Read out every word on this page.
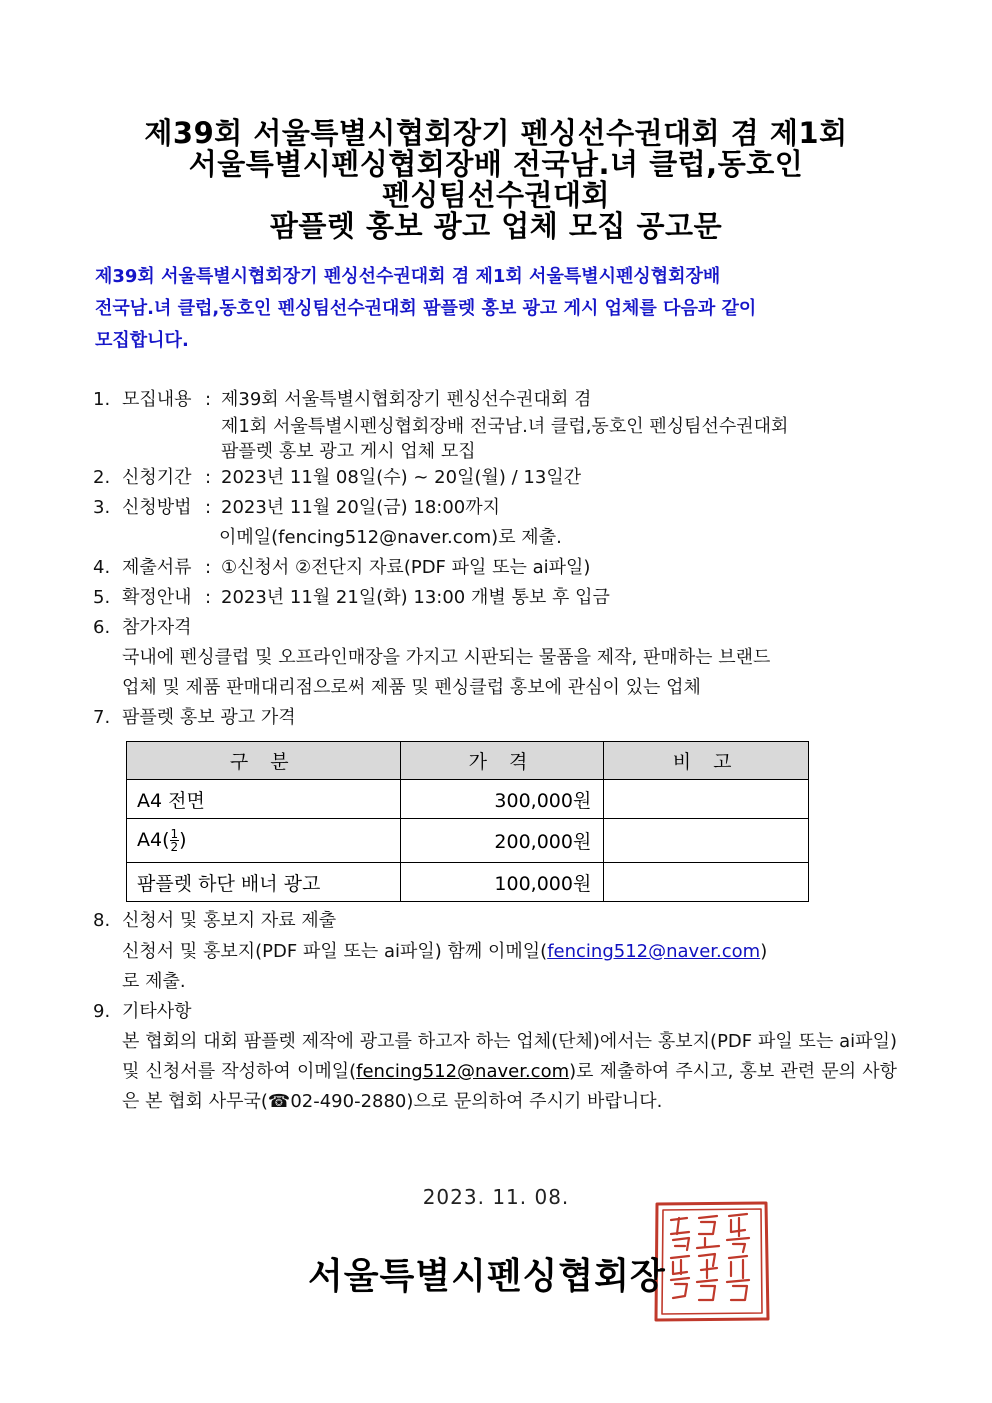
제39회 서울특별시협회장기 펜싱선수권대회 겸 제1회
서울특별시펜싱협회장배 전국남.녀 클럽,동호인
펜싱팀선수권대회
팜플렛 홍보 광고 업체 모집 공고문
제39회 서울특별시협회장기 펜싱선수권대회 겸 제1회 서울특별시펜싱협회장배
전국남.녀 클럽,동호인 펜싱팀선수권대회 팜플렛 홍보 광고 게시 업체를 다음과 같이
모집합니다.
1. 모집내용 : 제39회 서울특별시협회장기 펜싱선수권대회 겸
제1회 서울특별시펜싱협회장배 전국남.녀 클럽,동호인 펜싱팀선수권대회
팜플렛 홍보 광고 게시 업체 모집
2. 신청기간 : 2023년 11월 08일(수) ~ 20일(월) / 13일간
3. 신청방법 : 2023년 11월 20일(금) 18:00까지
이메일(fencing512@naver.com)로 제출.
4. 제출서류 : ①신청서 ②전단지 자료(PDF 파일 또는 ai파일)
5. 확정안내 : 2023년 11월 21일(화) 13:00 개별 통보 후 입금
6. 참가자격
국내에 펜싱클럽 및 오프라인매장을 가지고 시판되는 물품을 제작, 판매하는 브랜드
업체 및 제품 판매대리점으로써 제품 및 펜싱클럽 홍보에 관심이 있는 업체
7. 팜플렛 홍보 광고 가격
구 분	가 격	비 고
A4 전면	300,000원	
$A4( \frac{1}{2}$ )	200,000원	
팜플렛 하단 배너 광고	100,000원	
8. 신청서 및 홍보지 자료 제출
신청서 및 홍보지(PDF 파일 또는 ai파일) 함께 이메일(fencing512@naver.com)
로 제출.
9. 기타사항
본 협회의 대회 팜플렛 제작에 광고를 하고자 하는 업체(단체)에서는 홍보지(PDF 파일 또는 ai파일) 및 신청서를 작성하여 이메일(fencing512@naver.com)로 제출하여 주시고, 홍보 관련 문의 사항은 본 협회 사무국(☎02-490-2880)으로 문의하여 주시기 바랍니다.
2023. 11. 08.
서울특별시펜싱협회장
